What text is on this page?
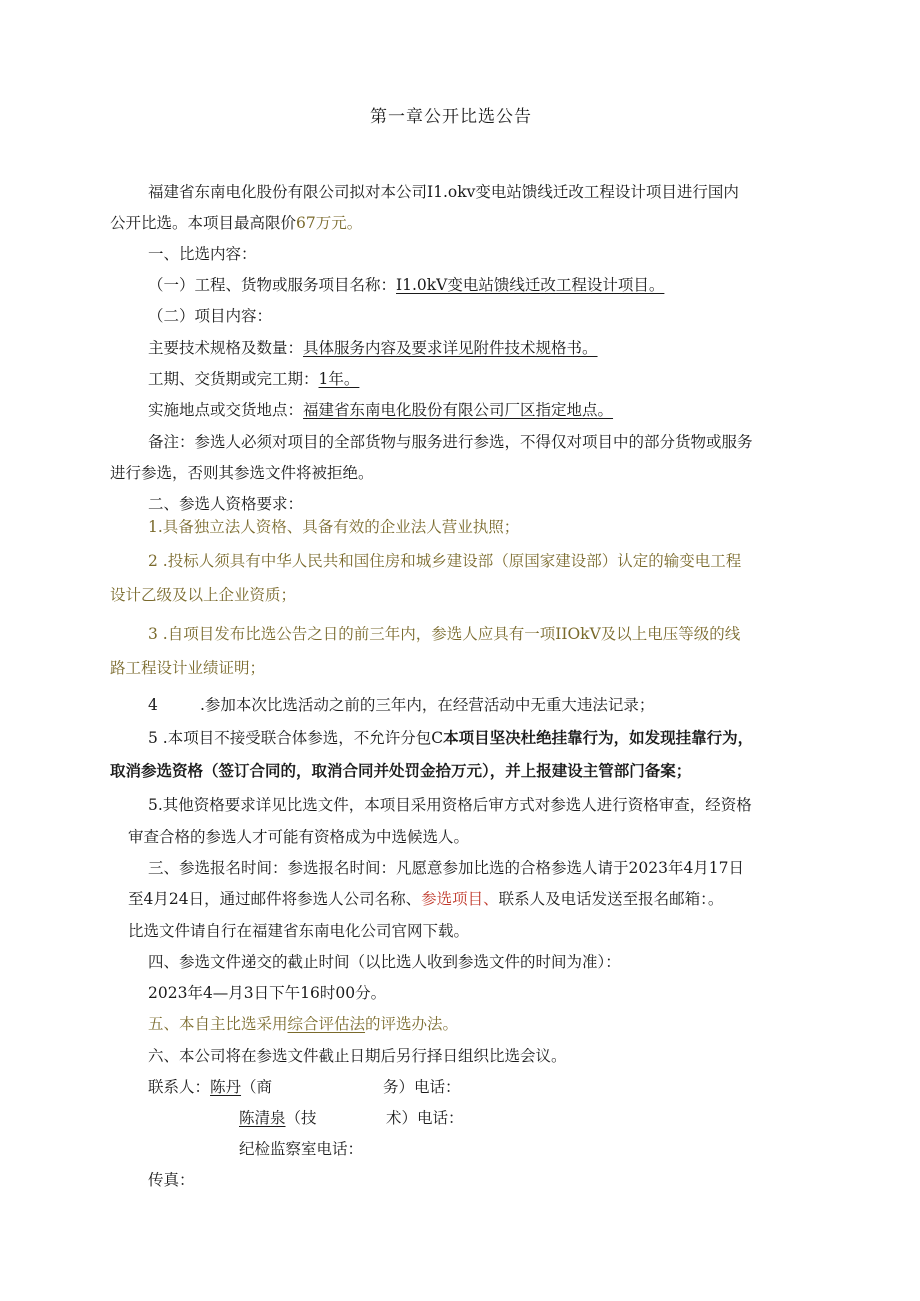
第一章公开比选公告
福建省东南电化股份有限公司拟对本公司I1.okv变电站馈线迁改工程设计项目进行国内
公开比选。本项目最高限价67万元。
一、比选内容：
（一）工程、货物或服务项目名称：I1.0kV变电站馈线迁改工程设计项目。
（二）项目内容：
主要技术规格及数量：具体服务内容及要求详见附件技术规格书。
工期、交货期或完工期：1年。
实施地点或交货地点：福建省东南电化股份有限公司厂区指定地点。
备注：参选人必须对项目的全部货物与服务进行参选，不得仅对项目中的部分货物或服务
进行参选，否则其参选文件将被拒绝。
二、参选人资格要求：
1.具备独立法人资格、具备有效的企业法人营业执照；
2 .投标人须具有中华人民共和国住房和城乡建设部（原国家建设部）认定的输变电工程
设计乙级及以上企业资质；
3 .自项目发布比选公告之日的前三年内，参选人应具有一项IIOkV及以上电压等级的线
路工程设计业绩证明；
4	.参加本次比选活动之前的三年内，在经营活动中无重大违法记录；
5 .本项目不接受联合体参选，不允许分包C本项目坚决杜绝挂靠行为，如发现挂靠行为，
取消参选资格（签订合同的，取消合同并处罚金拾万元），并上报建设主管部门备案；
5.其他资格要求详见比选文件，本项目采用资格后审方式对参选人进行资格审查，经资格
审查合格的参选人才可能有资格成为中选候选人。
三、参选报名时间：参选报名时间：凡愿意参加比选的合格参选人请于2023年4月17日
至4月24日，通过邮件将参选人公司名称、参选项目、联系人及电话发送至报名邮箱：。
比选文件请自行在福建省东南电化公司官网下载。
四、参选文件递交的截止时间（以比选人收到参选文件的时间为准）：
2023年4—月3日下午16时00分。
五、本自主比选采用综合评估法的评选办法。
六、本公司将在参选文件截止日期后另行择日组织比选会议。
联系人：陈丹（商	务）电话：
陈清泉（技	术）电话：
纪检监察室电话：
传真：
